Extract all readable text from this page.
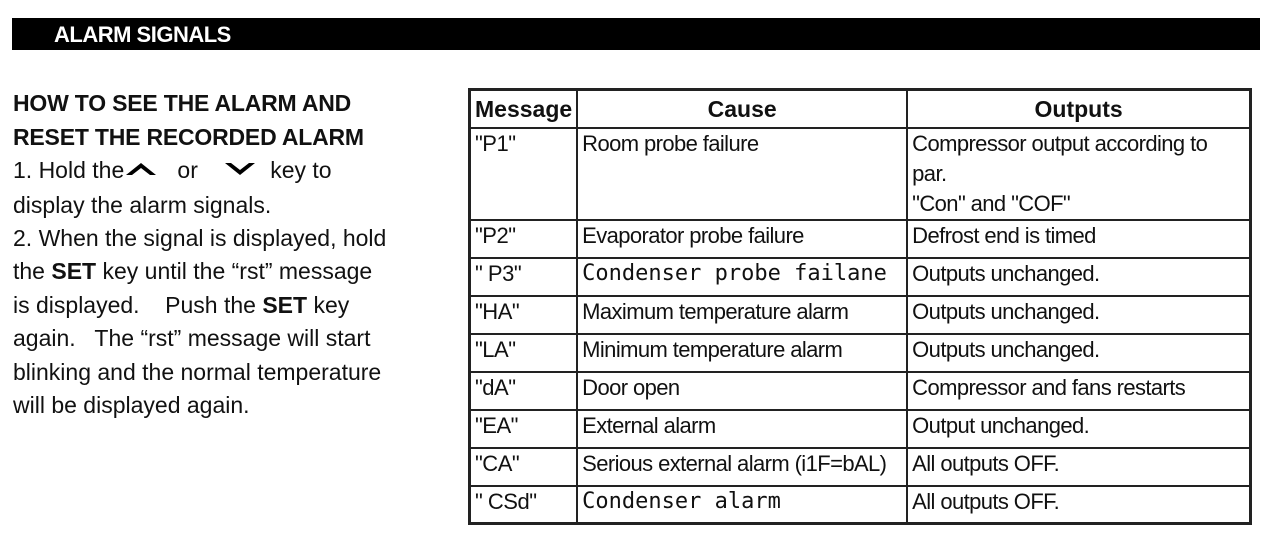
ALARM SIGNALS
HOW TO SEE THE ALARM AND
RESET THE RECORDED ALARM
1. Hold the or	key to
display the alarm signals.
2. When the signal is displayed, hold
the SET key until the “rst” message
is displayed.    Push the SET key
again.   The “rst” message will start
blinking and the normal temperature
will be displayed again.
Message	Cause	Outputs
"P1"	Room probe failure	Compressor output according to par.
"Con" and "COF"

"P2"	Evaporator probe failure	Defrost end is timed
" P3"	Condenser probe failane	Outputs unchanged.
"HA"	Maximum temperature alarm	Outputs unchanged.
"LA"	Minimum temperature alarm	Outputs unchanged.
"dA"	Door open	Compressor and fans restarts
"EA"	External alarm	Output unchanged.
"CA"	Serious external alarm (i1F=bAL)	All outputs OFF.
" CSd"	Condenser alarm	All outputs OFF.
